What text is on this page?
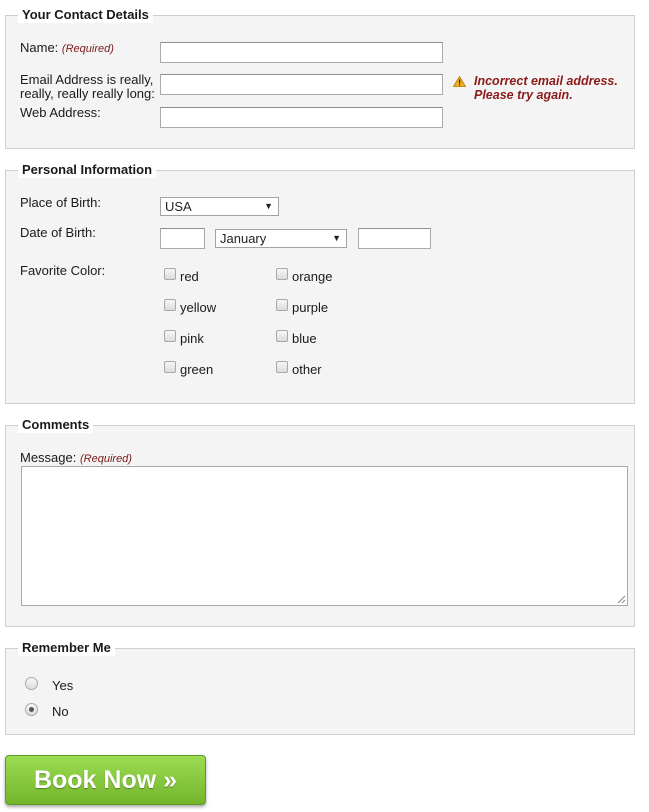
Your Contact Details
Name: (Required)
Email Address is really,
really, really really long:
Web Address:
Incorrect email address.
Please try again.
Personal Information
Place of Birth:	USA	▼
Date of Birth:	January	▼
Favorite Color:	red	orange
yellow	purple
pink	blue
green	other
Comments
Message: (Required)
Remember Me
Yes
No
Book Now »
